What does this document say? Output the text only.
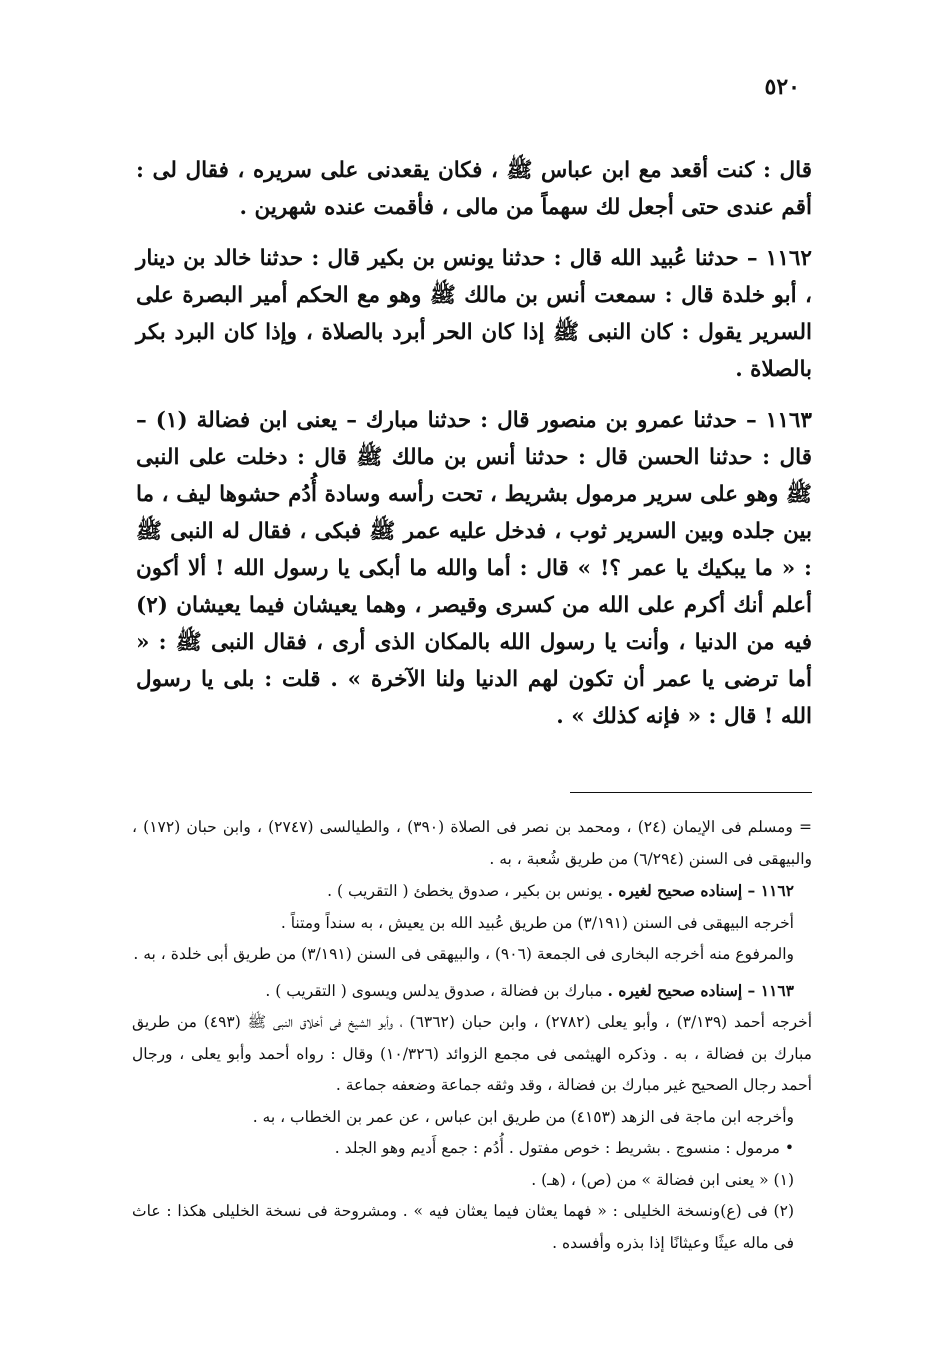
٥٢٠

قال : كنت أقعد مع ابن عباس ﷺ ، فكان يقعدنى على سريره ، فقال لى : أقم عندى حتى أجعل لك سهماً من مالى ، فأقمت عنده شهرين .

١١٦٢ – حدثنا عُبيد الله قال : حدثنا يونس بن بكير قال : حدثنا خالد بن دينار ، أبو خلدة قال : سمعت أنس بن مالك ﷺ وهو مع الحكم أمير البصرة على السرير يقول : كان النبى ﷺ إذا كان الحر أبرد بالصلاة ، وإذا كان البرد بكر بالصلاة .

١١٦٣ – حدثنا عمرو بن منصور قال : حدثنا مبارك – يعنى ابن فضالة (١) – قال : حدثنا الحسن قال : حدثنا أنس بن مالك ﷺ قال : دخلت على النبى ﷺ وهو على سرير مرمول بشريط ، تحت رأسه وسادة أُدُم حشوها ليف ، ما بين جلده وبين السرير ثوب ، فدخل عليه عمر ﷺ فبكى ، فقال له النبى ﷺ : « ما يبكيك يا عمر ؟! » قال : أما والله ما أبكى يا رسول الله ! ألا أكون أعلم أنك أكرم على الله من كسرى وقيصر ، وهما يعيشان فيما يعيشان (٢) فيه من الدنيا ، وأنت يا رسول الله بالمكان الذى أرى ، فقال النبى ﷺ : « أما ترضى يا عمر أن تكون لهم الدنيا ولنا الآخرة » . قلت : بلى يا رسول الله ! قال : « فإنه كذلك » .

= ومسلم فى الإيمان (٢٤) ، ومحمد بن نصر فى الصلاة (٣٩٠) ، والطيالسى (٢٧٤٧) ، وابن حبان (١٧٢) ، والبيهقى فى السنن (٦/٢٩٤) من طريق شُعبة ، به .

١١٦٢ – إسناده صحيح لغيره . يونس بن بكير ، صدوق يخطئ ( التقريب ) .

أخرجه البيهقى فى السنن (٣/١٩١) من طريق عُبيد الله بن يعيش ، به سنداً ومتناً .

والمرفوع منه أخرجه البخارى فى الجمعة (٩٠٦) ، والبيهقى فى السنن (٣/١٩١) من طريق أبى خلدة ، به .

١١٦٣ – إسناده صحيح لغيره . مبارك بن فضالة ، صدوق يدلس ويسوى ( التقريب ) .

أخرجه أحمد (٣/١٣٩) ، وأبو يعلى (٢٧٨٢) ، وابن حبان (٦٣٦٢) ، وأبو الشيخ فى أخلاق النبى ﷺ (٤٩٣) من طريق مبارك بن فضالة ، به . وذكره الهيثمى فى مجمع الزوائد (١٠/٣٢٦) وقال : رواه أحمد وأبو يعلى ، ورجال أحمد رجال الصحيح غير مبارك بن فضالة ، وقد وثقه جماعة وضعفه جماعة .

وأخرجه ابن ماجة فى الزهد (٤١٥٣) من طريق ابن عباس ، عن عمر بن الخطاب ، به .

• مرمول : منسوج . بشريط : خوص مفتول . أُدُم : جمع أَديم وهو الجلد .

(١) « يعنى ابن فضالة » من (ص) ، (هـ) .

(٢) فى (ع)ونسخة الخليلى : « فهما يعثان فيما يعثان فيه » . ومشروحة فى نسخة الخليلى هكذا : عاث فى ماله عيثًا وعيثانًا إذا بذره وأفسده .
